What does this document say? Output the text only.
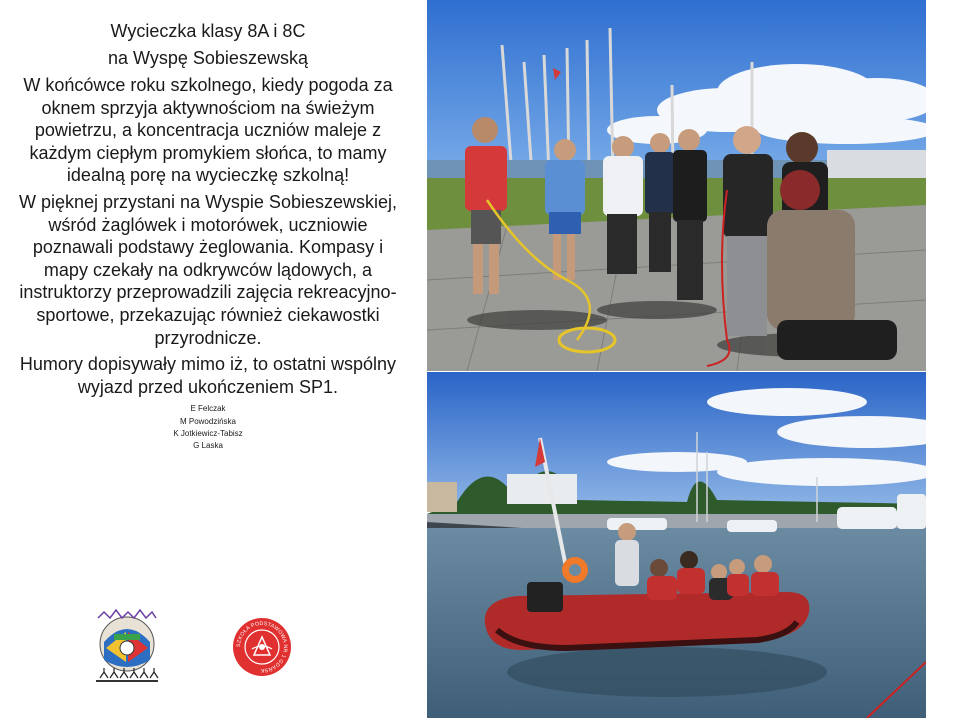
Wycieczka klasy 8A i 8C
na Wyspę Sobieszewską

W końcówce roku szkolnego, kiedy pogoda za oknem sprzyja aktywnościom na świeżym powietrzu, a koncentracja uczniów maleje z każdym ciepłym promykiem słońca, to mamy idealną porę na wycieczkę szkolną!

W pięknej przystani na Wyspie Sobieszewskiej, wśród żaglówek i motorówek, uczniowie poznawali podstawy żeglowania. Kompasy i mapy czekały na odkrywców lądowych, a instruktorzy przeprowadzili zajęcia rekreacyjno-sportowe, przekazując również ciekawostki przyrodnicze.

Humory dopisywały mimo iż, to ostatni wspólny wyjazd przed ukończeniem SP1.

E Felczak
M Powodzińska
K Jotkiewicz-Tabisz
G Laska
SZKOŁA PODSTAWOWA NR 1 GDAŃSK
